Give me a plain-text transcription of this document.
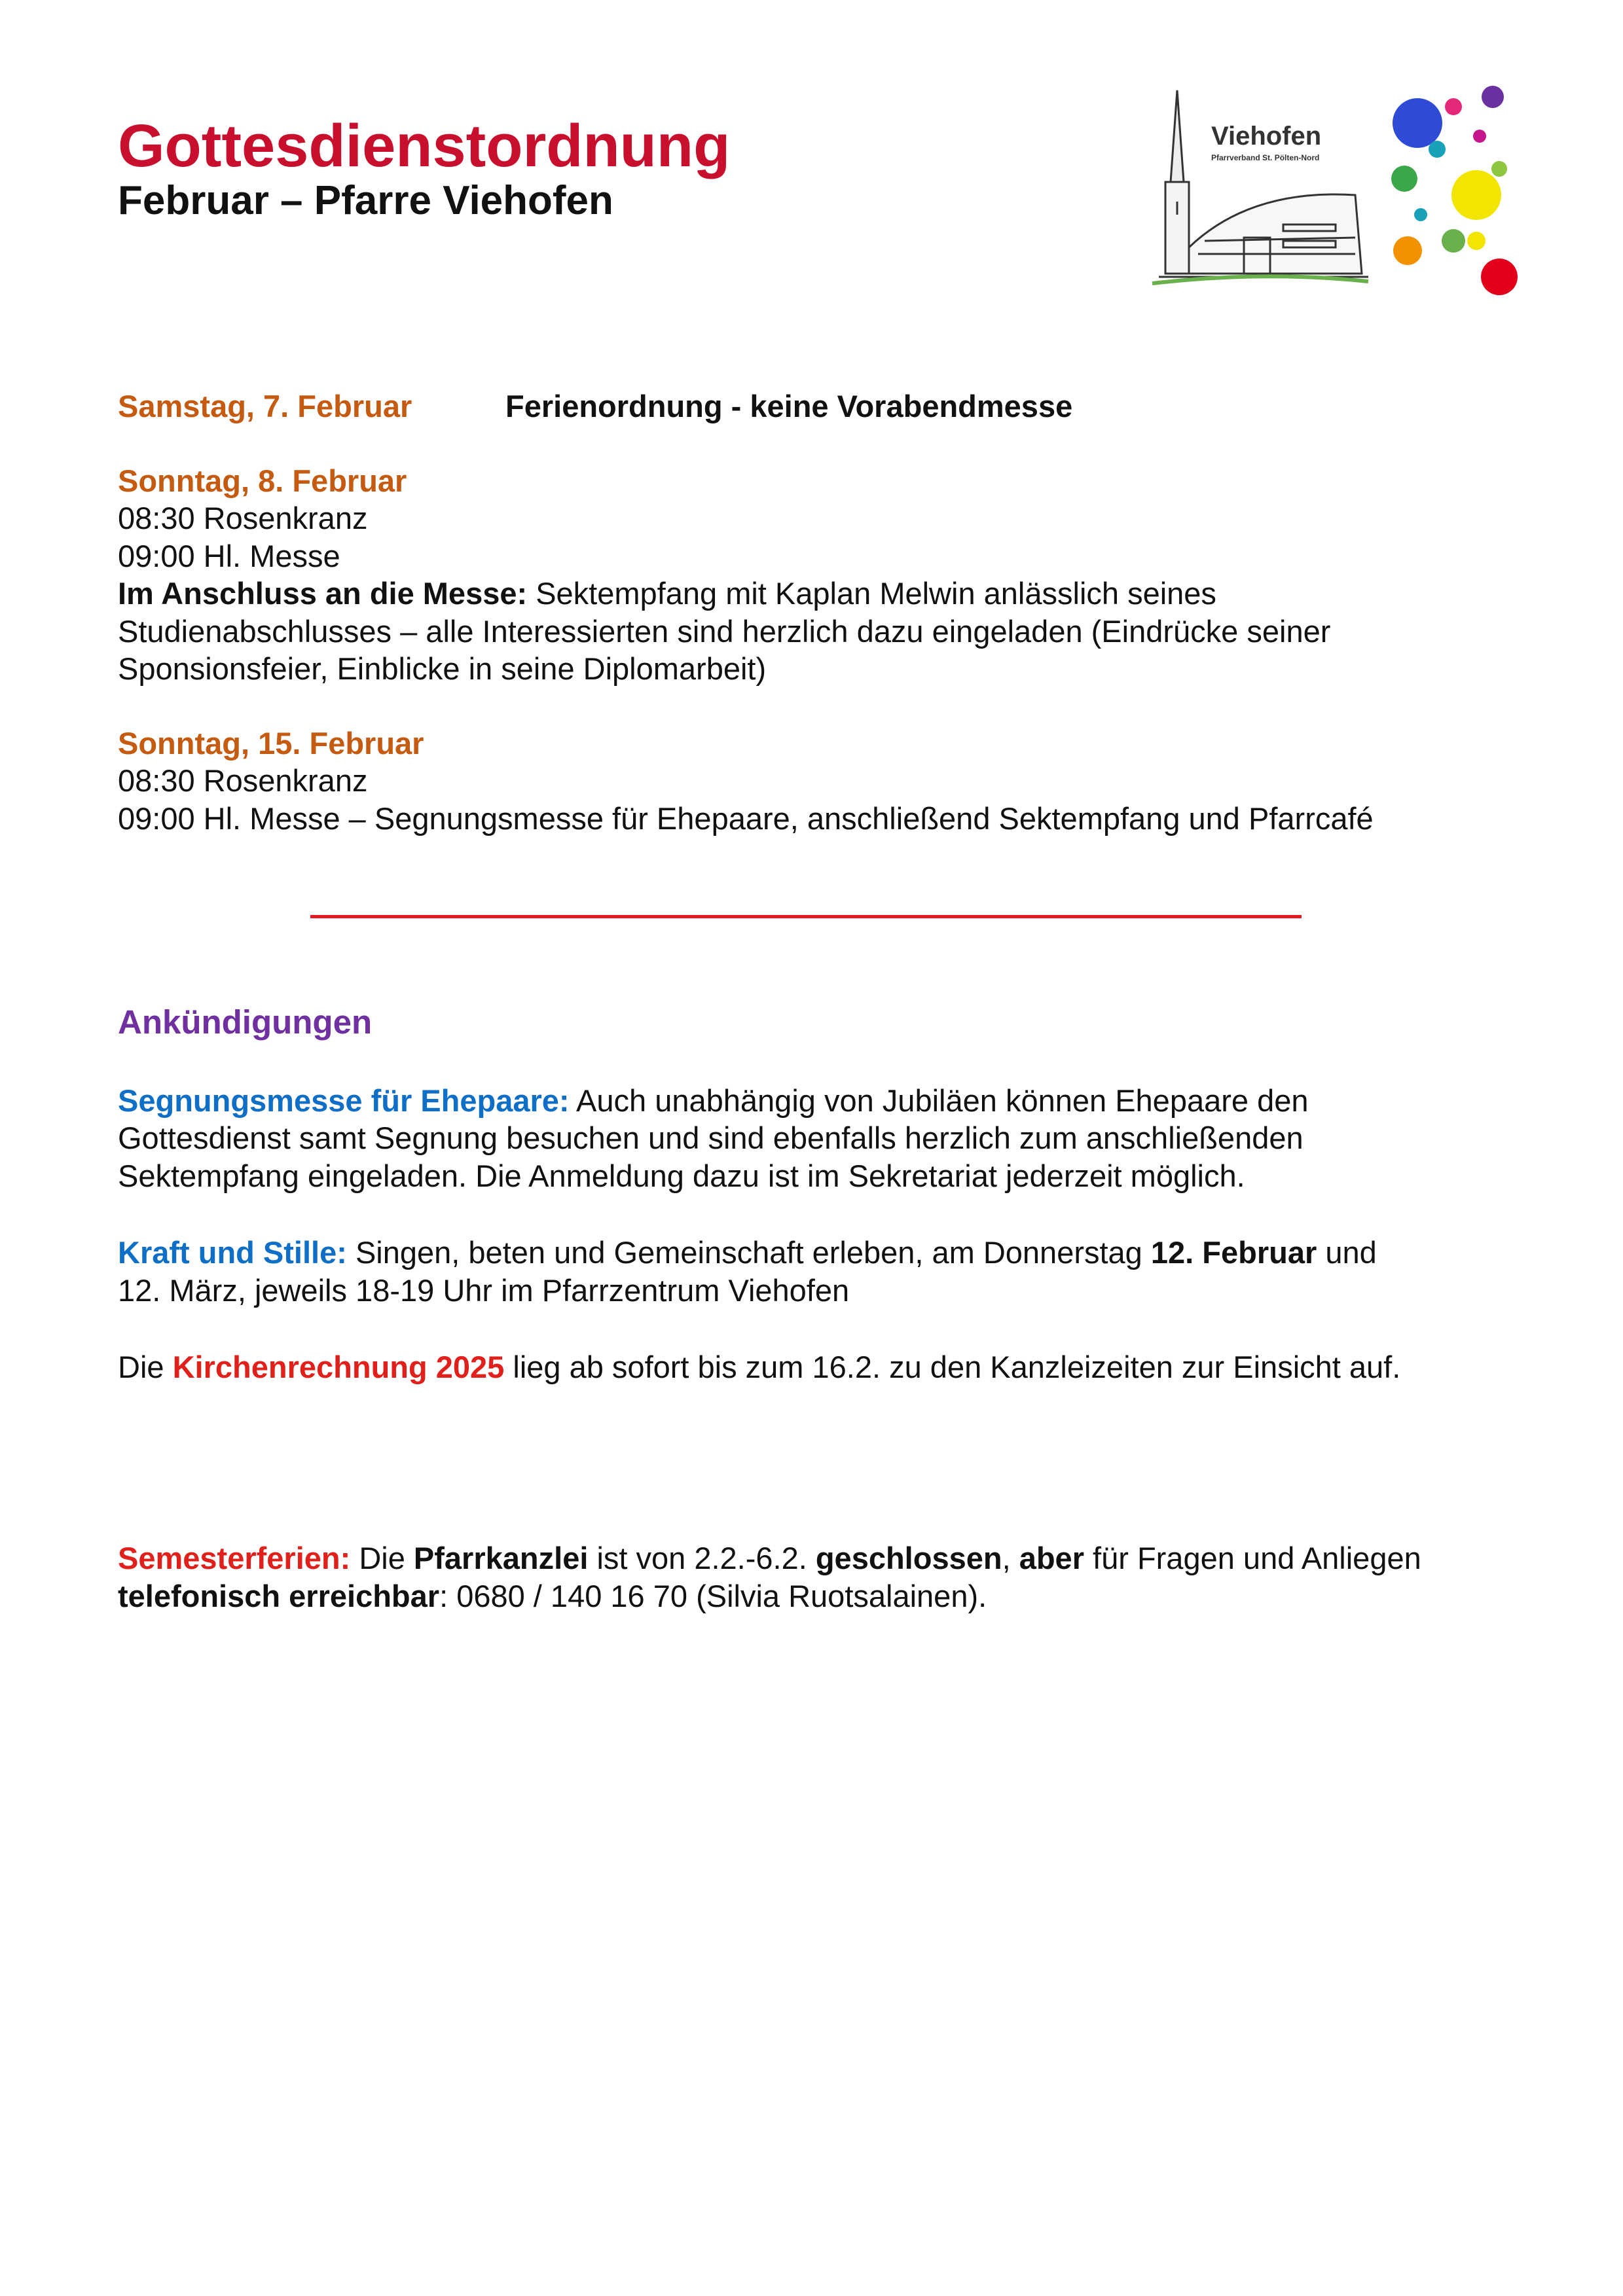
Gottesdienstordnung
Februar – Pfarre Viehofen
Viehofen
Pfarrverband St. Pölten-Nord
Samstag, 7. Februar	Ferienordnung - keine Vorabendmesse
Sonntag, 8. Februar
08:30 Rosenkranz
09:00 Hl. Messe
Im Anschluss an die Messe: Sektempfang mit Kaplan Melwin anlässlich seines
Studienabschlusses – alle Interessierten sind herzlich dazu eingeladen (Eindrücke seiner
Sponsionsfeier, Einblicke in seine Diplomarbeit)
Sonntag, 15. Februar
08:30 Rosenkranz
09:00 Hl. Messe – Segnungsmesse für Ehepaare, anschließend Sektempfang und Pfarrcafé
Ankündigungen
Segnungsmesse für Ehepaare: Auch unabhängig von Jubiläen können Ehepaare den
Gottesdienst samt Segnung besuchen und sind ebenfalls herzlich zum anschließenden
Sektempfang eingeladen. Die Anmeldung dazu ist im Sekretariat jederzeit möglich.
Kraft und Stille: Singen, beten und Gemeinschaft erleben, am Donnerstag 12. Februar und
12. März, jeweils 18-19 Uhr im Pfarrzentrum Viehofen
Die Kirchenrechnung 2025 lieg ab sofort bis zum 16.2. zu den Kanzleizeiten zur Einsicht auf.
Semesterferien: Die Pfarrkanzlei ist von 2.2.-6.2. geschlossen, aber für Fragen und Anliegen
telefonisch erreichbar: 0680 / 140 16 70 (Silvia Ruotsalainen).
